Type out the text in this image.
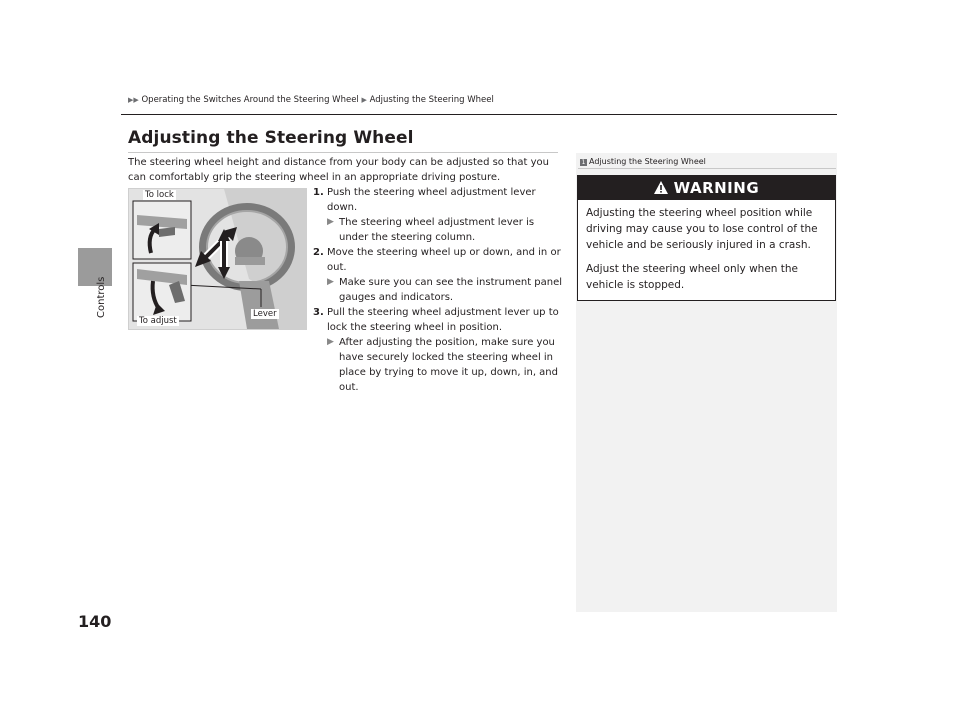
Controls
140
▶▶ Operating the Switches Around the Steering Wheel ▶ Adjusting the Steering Wheel
Adjusting the Steering Wheel
The steering wheel height and distance from your body can be adjusted so that you can comfortably grip the steering wheel in an appropriate driving posture.
To lock
To adjust
Lever
1. Push the steering wheel adjustment lever down.
▶ The steering wheel adjustment lever is under the steering column.
2. Move the steering wheel up or down, and in or out.
▶ Make sure you can see the instrument panel gauges and indicators.
3. Pull the steering wheel adjustment lever up to lock the steering wheel in position.
▶ After adjusting the position, make sure you have securely locked the steering wheel in place by trying to move it up, down, in, and out.
1 Adjusting the Steering Wheel
WARNING

Adjusting the steering wheel position while driving may cause you to lose control of the vehicle and be seriously injured in a crash.

Adjust the steering wheel only when the vehicle is stopped.
